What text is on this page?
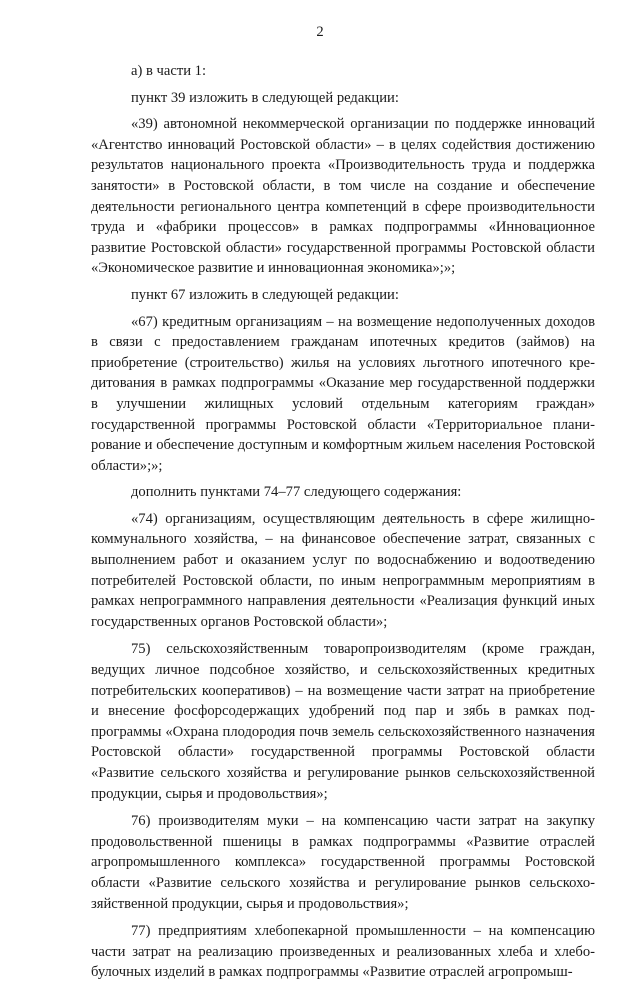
2

а) в части 1:

пункт 39 изложить в следующей редакции:

«39) автономной некоммерческой организации по поддержке инноваций «Агентство инноваций Ростовской области» – в целях содействия достижению результатов национального проекта «Производительность труда и поддержка занятости» в Ростовской области, в том числе на создание и обеспечение деятельности регионального центра компетенций в сфере производительности труда и «фабрики процессов» в рамках подпрограммы «Инновационное развитие Ростовской области» государственной программы Ростовской области «Экономическое развитие и инновационная экономика»;»;

пункт 67 изложить в следующей редакции:

«67) кредитным организациям – на возмещение недополученных доходов в связи с предоставлением гражданам ипотечных кредитов (займов) на приобретение (строительство) жилья на условиях льготного ипотечного кредитования в рамках подпрограммы «Оказание мер государственной поддержки в улучшении жилищных условий отдельным категориям граждан» государственной программы Ростовской области «Территориальное планирование и обеспечение доступным и комфортным жильем населения Ростовской области»;»;

дополнить пунктами 74–77 следующего содержания:

«74) организациям, осуществляющим деятельность в сфере жилищно-коммунального хозяйства, – на финансовое обеспечение затрат, связанных с выполнением работ и оказанием услуг по водоснабжению и водоотведению потребителей Ростовской области, по иным непрограммным мероприятиям в рамках непрограммного направления деятельности «Реализация функций иных государственных органов Ростовской области»;

75) сельскохозяйственным товаропроизводителям (кроме граждан, ведущих личное подсобное хозяйство, и сельскохозяйственных кредитных потребительских кооперативов) – на возмещение части затрат на приобретение и внесение фосфорсодержащих удобрений под пар и зябь в рамках подпрограммы «Охрана плодородия почв земель сельскохозяйственного назначения Ростовской области» государственной программы Ростовской области «Развитие сельского хозяйства и регулирование рынков сельскохозяйственной продукции, сырья и продовольствия»;

76) производителям муки – на компенсацию части затрат на закупку продовольственной пшеницы в рамках подпрограммы «Развитие отраслей агропромышленного комплекса» государственной программы Ростовской области «Развитие сельского хозяйства и регулирование рынков сельскохозяйственной продукции, сырья и продовольствия»;

77) предприятиям хлебопекарной промышленности – на компенсацию части затрат на реализацию произведенных и реализованных хлеба и хлебобулочных изделий в рамках подпрограммы «Развитие отраслей агропромыш-
